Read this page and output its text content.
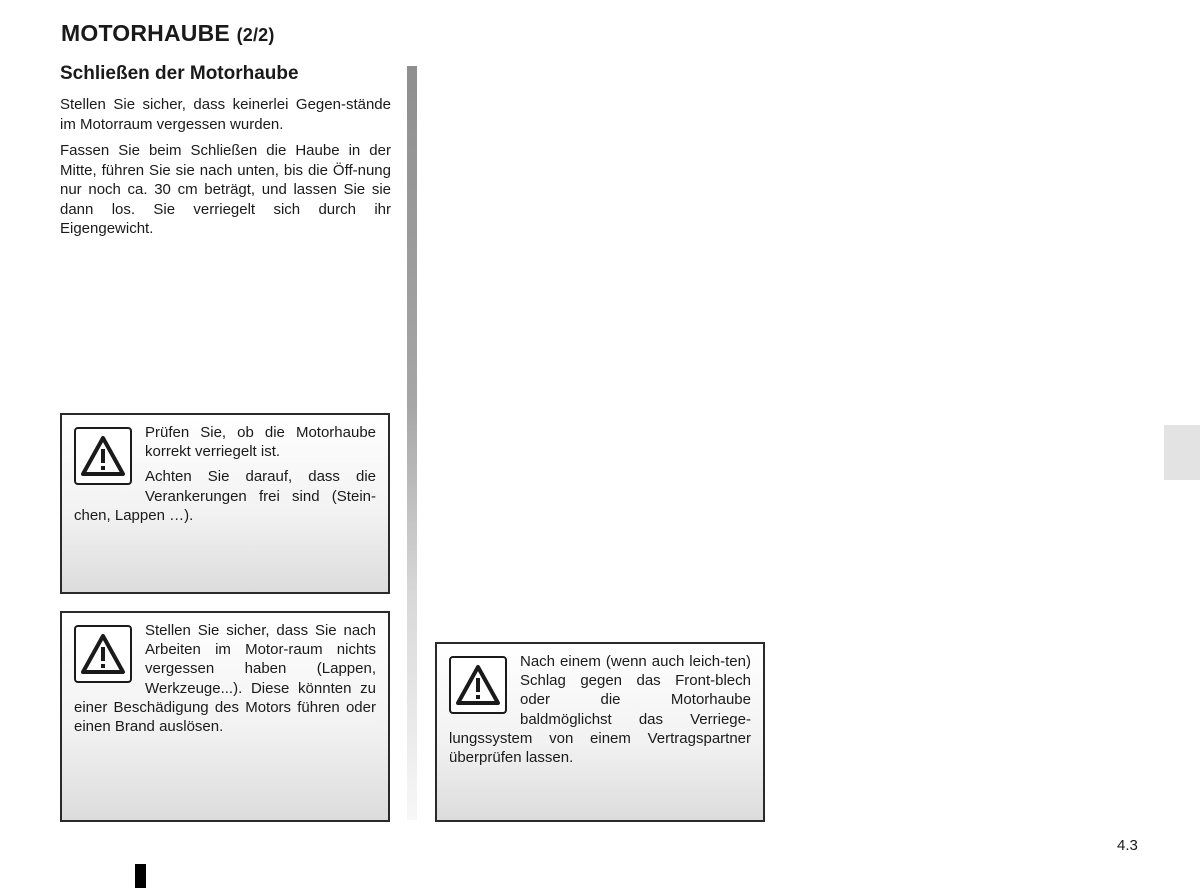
MOTORHAUBE (2/2)
Schließen der Motorhaube

Stellen Sie sicher, dass keinerlei Gegen-stände im Motorraum vergessen wurden.

Fassen Sie beim Schließen die Haube in der Mitte, führen Sie sie nach unten, bis die Öff-nung nur noch ca. 30 cm beträgt, und lassen Sie sie dann los. Sie verriegelt sich durch ihr Eigengewicht.

Prüfen Sie, ob die Motorhaube korrekt verriegelt ist.

Achten Sie darauf, dass die Verankerungen frei sind (Stein-chen, Lappen …).

Stellen Sie sicher, dass Sie nach Arbeiten im Motor-raum nichts vergessen haben (Lappen, Werkzeuge...). Diese könnten zu einer Beschädigung des Motors führen oder einen Brand auslösen.

Nach einem (wenn auch leich-ten) Schlag gegen das Front-blech oder die Motorhaube baldmöglichst das Verriege-lungssystem von einem Vertragspartner überprüfen lassen.

4.3
